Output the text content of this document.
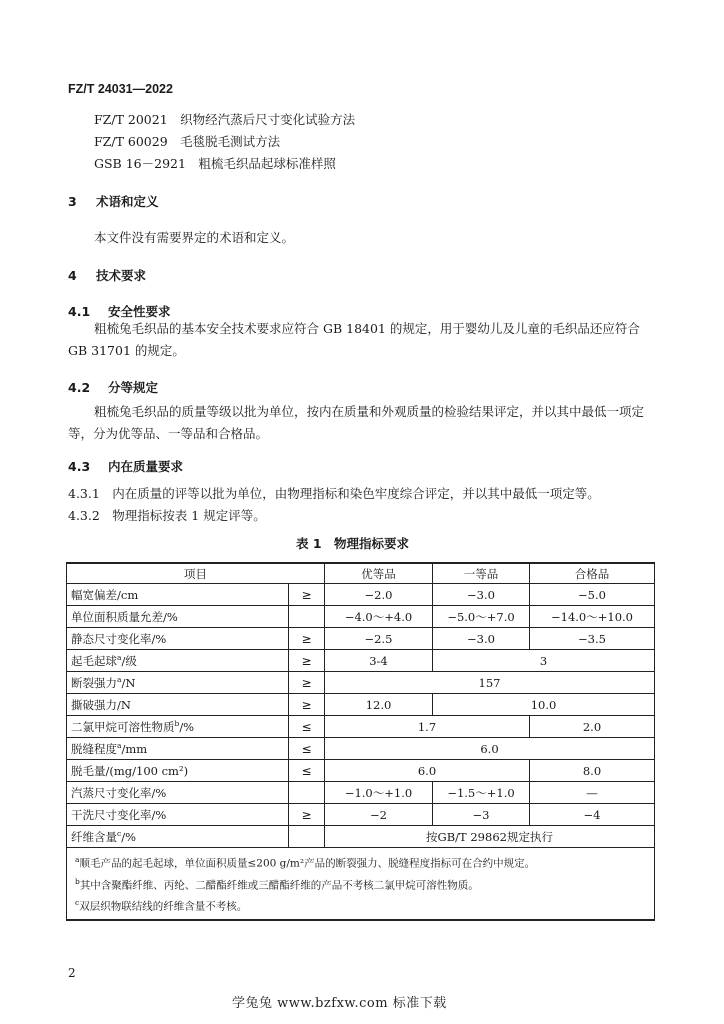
FZ/T 24031—2022
FZ/T 20021　织物经汽蒸后尺寸变化试验方法
FZ/T 60029　毛毯脱毛测试方法
GSB 16－2921　粗梳毛织品起球标准样照
3 术语和定义
本文件没有需要界定的术语和定义。
4 技术要求
4.1 安全性要求
粗梳兔毛织品的基本安全技术要求应符合 GB 18401 的规定，用于婴幼儿及儿童的毛织品还应符合 GB 31701 的规定。
4.2 分等规定
粗梳兔毛织品的质量等级以批为单位，按内在质量和外观质量的检验结果评定，并以其中最低一项定等，分为优等品、一等品和合格品。
4.3 内在质量要求
4.3.1　内在质量的评等以批为单位，由物理指标和染色牢度综合评定，并以其中最低一项定等。
4.3.2　物理指标按表 1 规定评等。
表 1　物理指标要求
项目		优等品	一等品	合格品
幅宽偏差/cm	≥	−2.0	−3.0	−5.0
单位面积质量允差/%		−4.0～+4.0	−5.0～+7.0	−14.0～+10.0
静态尺寸变化率/%	≥	−2.5	−3.0	−3.5
起毛起球$^a$/级	≥	3-4	3	
断裂强力$^a$/N	≥	157		
撕破强力/N	≥	12.0	10.0	
二氯甲烷可溶性物质$^b$/%	≤	1.7		2.0
脱缝程度$^a$/mm	≤	6.0		
脱毛量/(mg/100 cm²)	≤	6.0		8.0
汽蒸尺寸变化率/%		−1.0～+1.0	−1.5～+1.0	—
干洗尺寸变化率/%	≥	−2	−3	−4
纤维含量$^c$/%		按GB/T 29862规定执行		

$^a$顺毛产品的起毛起球，单位面积质量≤200 g/m²产品的断裂强力、脱缝程度指标可在合约中规定。
$^b$其中含聚酯纤维、丙纶、二醋酯纤维或三醋酯纤维的产品不考核二氯甲烷可溶性物质。
$^c$双层织物联结线的纤维含量不考核。				
2
学兔兔 www.bzfxw.com 标准下载
